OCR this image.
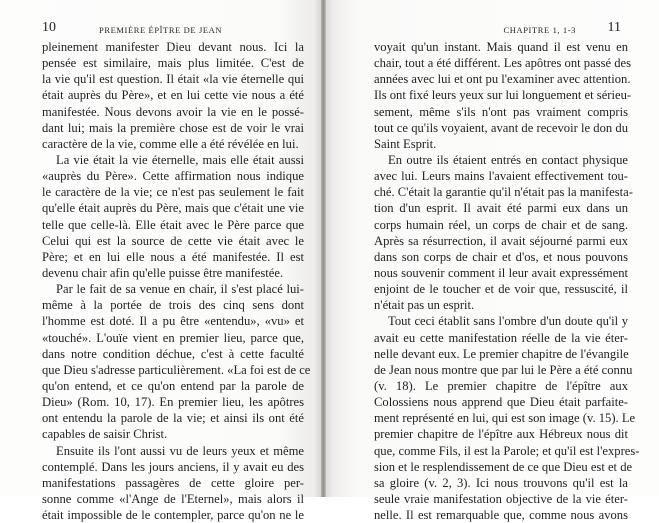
10	PREMIÈRE ÉPÎTRE DE JEAN
pleinement manifester Dieu devant nous. Ici la
pensée est similaire, mais plus limitée. C'est de
la vie qu'il est question. Il était «la vie éternelle qui
était auprès du Père», et en lui cette vie nous a été
manifestée. Nous devons avoir la vie en le possé-
dant lui; mais la première chose est de voir le vrai
caractère de la vie, comme elle a été révélée en lui.
La vie était la vie éternelle, mais elle était aussi
«auprès du Père». Cette affirmation nous indique
le caractère de la vie; ce n'est pas seulement le fait
qu'elle était auprès du Père, mais que c'était une vie
telle que celle-là. Elle était avec le Père parce que
Celui qui est la source de cette vie était avec le
Père; et en lui elle nous a été manifestée. Il est
devenu chair afin qu'elle puisse être manifestée.
Par le fait de sa venue en chair, il s'est placé lui-
même à la portée de trois des cinq sens dont
l'homme est doté. Il a pu être «entendu», «vu» et
«touché». L'ouïe vient en premier lieu, parce que,
dans notre condition déchue, c'est à cette faculté
que Dieu s'adresse particulièrement. «La foi est de ce
qu'on entend, et ce qu'on entend par la parole de
Dieu» (Rom. 10, 17). En premier lieu, les apôtres
ont entendu la parole de la vie; et ainsi ils ont été
capables de saisir Christ.
Ensuite ils l'ont aussi vu de leurs yeux et même
contemplé. Dans les jours anciens, il y avait eu des
manifestations passagères de cette gloire per-
sonne comme «l'Ange de l'Eternel», mais alors il
était impossible de le contempler, parce qu'on ne le
CHAPITRE 1, 1-3 11
voyait qu'un instant. Mais quand il est venu en
chair, tout a été différent. Les apôtres ont passé des
années avec lui et ont pu l'examiner avec attention.
Ils ont fixé leurs yeux sur lui longuement et sérieu-
sement, même s'ils n'ont pas vraiment compris
tout ce qu'ils voyaient, avant de recevoir le don du
Saint Esprit.
En outre ils étaient entrés en contact physique
avec lui. Leurs mains l'avaient effectivement tou-
ché. C'était la garantie qu'il n'était pas la manifesta-
tion d'un esprit. Il avait été parmi eux dans un
corps humain réel, un corps de chair et de sang.
Après sa résurrection, il avait séjourné parmi eux
dans son corps de chair et d'os, et nous pouvons
nous souvenir comment il leur avait expressément
enjoint de le toucher et de voir que, ressuscité, il
n'était pas un esprit.
Tout ceci établit sans l'ombre d'un doute qu'il y
avait eu cette manifestation réelle de la vie éter-
nelle devant eux. Le premier chapitre de l'évangile
de Jean nous montre que par lui le Père a été connu
(v. 18). Le premier chapitre de l'épître aux
Colossiens nous apprend que Dieu était parfaite-
ment représenté en lui, qui est son image (v. 15). Le
premier chapitre de l'épître aux Hébreux nous dit
que, comme Fils, il est la Parole; et qu'il est l'expres-
sion et le resplendissement de ce que Dieu est et de
sa gloire (v. 2, 3). Ici nous trouvons qu'il est la
seule vraie manifestation objective de la vie éter-
nelle. Il est remarquable que, comme nous avons
